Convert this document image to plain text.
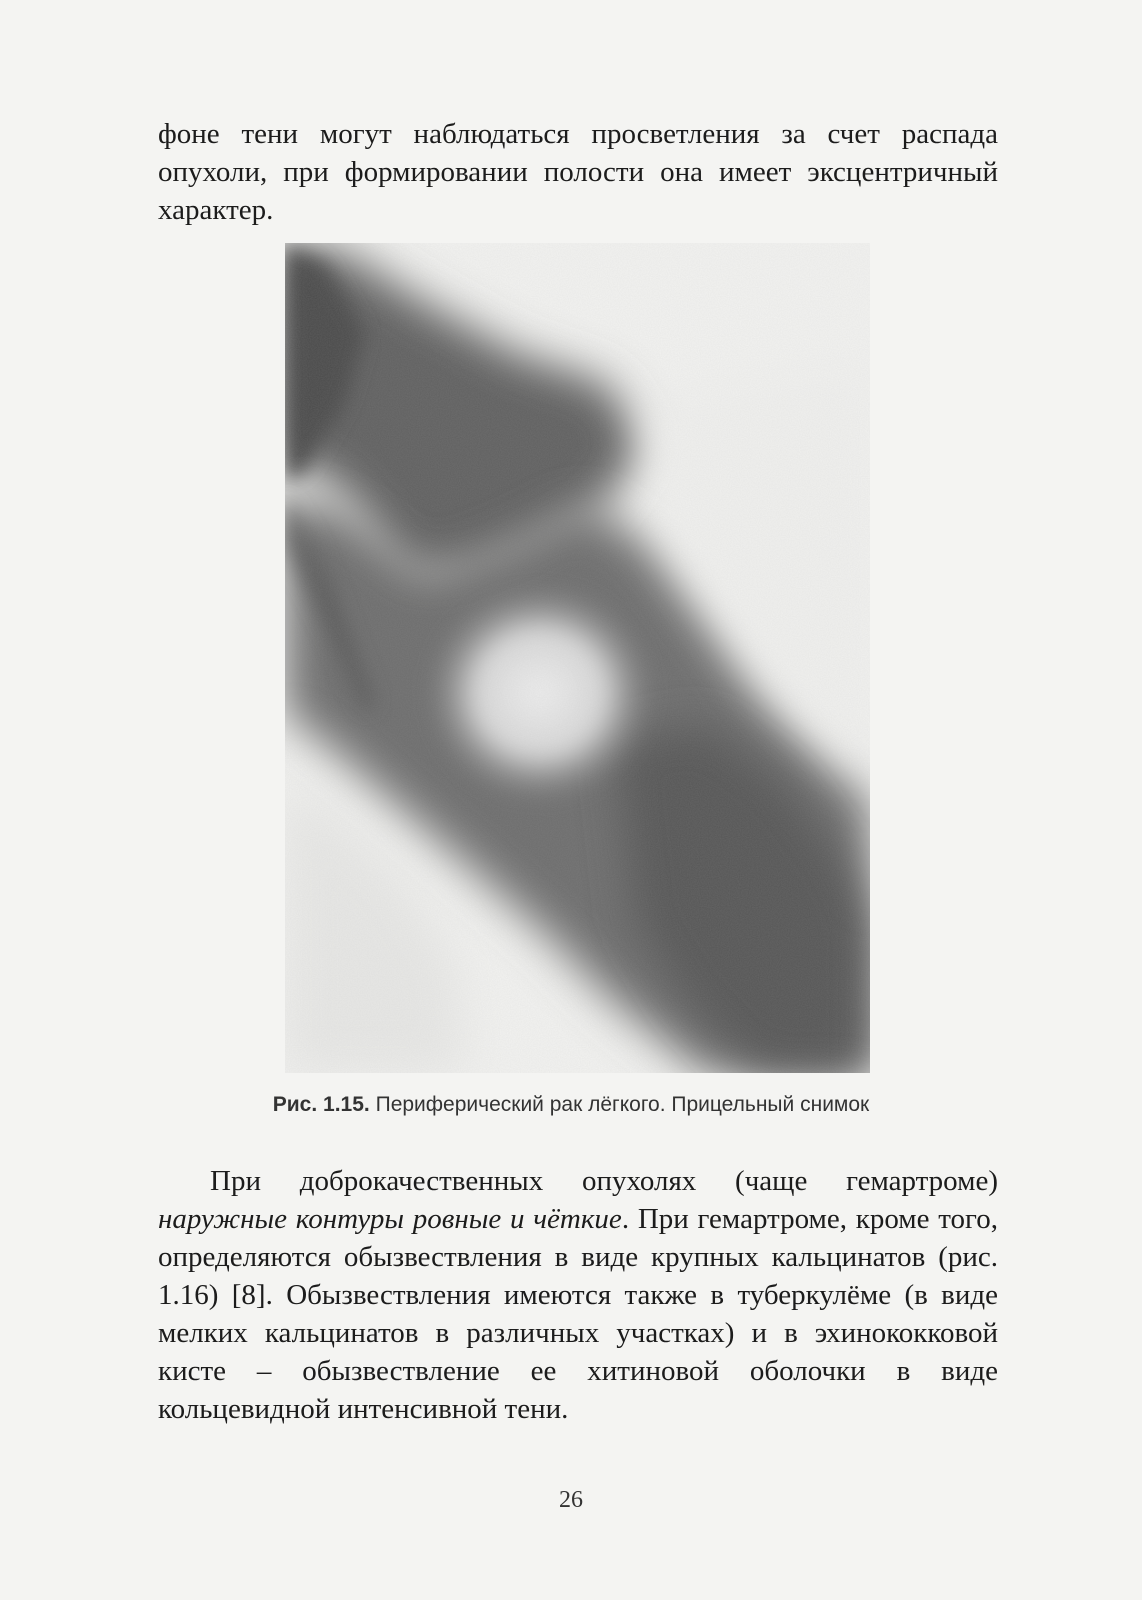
фоне тени могут наблюдаться просветления за счет распада опухоли, при формировании полости она имеет эксцентричный характер.

Рис. 1.15. Периферический рак лёгкого. Прицельный снимок

При доброкачественных опухолях (чаще гемартроме) наружные контуры ровные и чёткие. При гемартроме, кроме того, определяются обызвествления в виде крупных кальцинатов (рис. 1.16) [8]. Обызвествления имеются также в туберкулёме (в виде мелких кальцинатов в различных участках) и в эхинококковой кисте – обызвествление ее хитиновой оболочки в виде кольцевидной интенсивной тени.

26
